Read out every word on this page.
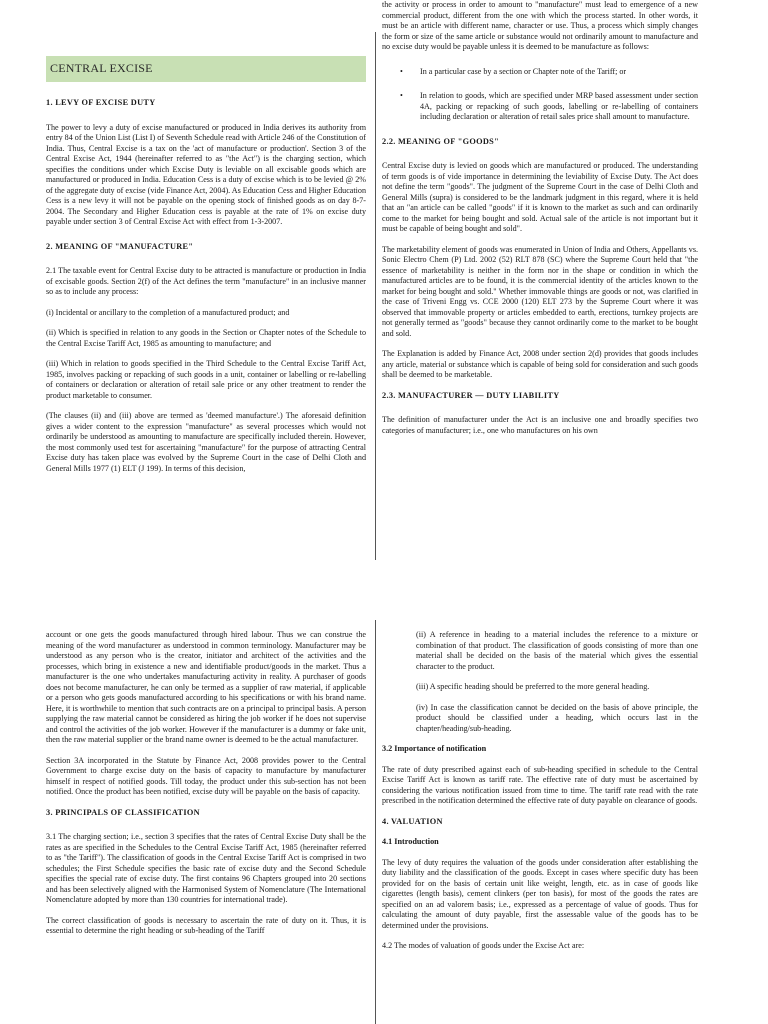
CENTRAL EXCISE
1. LEVY OF EXCISE DUTY

The power to levy a duty of excise manufactured or produced in India derives its authority from entry 84 of the Union List (List I) of Seventh Schedule read with Article 246 of the Constitution of India. Thus, Central Excise is a tax on the 'act of manufacture or production'. Section 3 of the Central Excise Act, 1944 (hereinafter referred to as "the Act") is the charging section, which specifies the conditions under which Excise Duty is leviable on all excisable goods which are manufactured or produced in India. Education Cess is a duty of excise which is to be levied @ 2% of the aggregate duty of excise (vide Finance Act, 2004). As Education Cess and Higher Education Cess is a new levy it will not be payable on the opening stock of finished goods as on day 8-7-2004. The Secondary and Higher Education cess is payable at the rate of 1% on excise duty payable under section 3 of Central Excise Act with effect from 1-3-2007.

2. MEANING OF "MANUFACTURE"

2.1 The taxable event for Central Excise duty to be attracted is manufacture or production in India of excisable goods. Section 2(f) of the Act defines the term "manufacture" in an inclusive manner so as to include any process:

(i) Incidental or ancillary to the completion of a manufactured product; and

(ii) Which is specified in relation to any goods in the Section or Chapter notes of the Schedule to the Central Excise Tariff Act, 1985 as amounting to manufacture; and

(iii) Which in relation to goods specified in the Third Schedule to the Central Excise Tariff Act, 1985, involves packing or repacking of such goods in a unit, container or labelling or re-labelling of containers or declaration or alteration of retail sale price or any other treatment to render the product marketable to consumer.

(The clauses (ii) and (iii) above are termed as 'deemed manufacture'.) The aforesaid definition gives a wider content to the expression "manufacture" as several processes which would not ordinarily be understood as amounting to manufacture are specifically included therein. However, the most commonly used test for ascertaining "manufacture" for the purpose of attracting Central Excise duty has taken place was evolved by the Supreme Court in the case of Delhi Cloth and General Mills 1977 (1) ELT (J 199). In terms of this decision,

the activity or process in order to amount to "manufacture" must lead to emergence of a new commercial product, different from the one with which the process started. In other words, it must be an article with different name, character or use. Thus, a process which simply changes the form or size of the same article or substance would not ordinarily amount to manufacture and no excise duty would be payable unless it is deemed to be manufacture as follows:

• In a particular case by a section or Chapter note of the Tariff; or
• In relation to goods, which are specified under MRP based assessment under section 4A, packing or repacking of such goods, labelling or re-labelling of containers including declaration or alteration of retail sales price shall amount to manufacture.
2.2. MEANING OF "GOODS"

Central Excise duty is levied on goods which are manufactured or produced. The understanding of term goods is of vide importance in determining the leviability of Excise Duty. The Act does not define the term "goods". The judgment of the Supreme Court in the case of Delhi Cloth and General Mills (supra) is considered to be the landmark judgment in this regard, where it is held that an "an article can be called "goods" if it is known to the market as such and can ordinarily come to the market for being bought and sold. Actual sale of the article is not important but it must be capable of being bought and sold".

The marketability element of goods was enumerated in Union of India and Others, Appellants vs. Sonic Electro Chem (P) Ltd. 2002 (52) RLT 878 (SC) where the Supreme Court held that "the essence of marketability is neither in the form nor in the shape or condition in which the manufactured articles are to be found, it is the commercial identity of the articles known to the market for being bought and sold." Whether immovable things are goods or not, was clarified in the case of Triveni Engg vs. CCE 2000 (120) ELT 273 by the Supreme Court where it was observed that immovable property or articles embedded to earth, erections, turnkey projects are not generally termed as "goods" because they cannot ordinarily come to the market to be bought and sold.

The Explanation is added by Finance Act, 2008 under section 2(d) provides that goods includes any article, material or substance which is capable of being sold for consideration and such goods shall be deemed to be marketable.

2.3. MANUFACTURER — DUTY LIABILITY

The definition of manufacturer under the Act is an inclusive one and broadly specifies two categories of manufacturer; i.e., one who manufactures on his own

account or one gets the goods manufactured through hired labour. Thus we can construe the meaning of the word manufacturer as understood in common terminology. Manufacturer may be understood as any person who is the creator, initiator and architect of the activities and the processes, which bring in existence a new and identifiable product/goods in the market. Thus a manufacturer is the one who undertakes manufacturing activity in reality. A purchaser of goods does not become manufacturer, he can only be termed as a supplier of raw material, if applicable or a person who gets goods manufactured according to his specifications or with his brand name. Here, it is worthwhile to mention that such contracts are on a principal to principal basis. A person supplying the raw material cannot be considered as hiring the job worker if he does not supervise and control the activities of the job worker. However if the manufacturer is a dummy or fake unit, then the raw material supplier or the brand name owner is deemed to be the actual manufacturer.

Section 3A incorporated in the Statute by Finance Act, 2008 provides power to the Central Government to charge excise duty on the basis of capacity to manufacture by manufacturer himself in respect of notified goods. Till today, the product under this sub-section has not been notified. Once the product has been notified, excise duty will be payable on the basis of capacity.

3. PRINCIPALS OF CLASSIFICATION

3.1 The charging section; i.e., section 3 specifies that the rates of Central Excise Duty shall be the rates as are specified in the Schedules to the Central Excise Tariff Act, 1985 (hereinafter referred to as "the Tariff"). The classification of goods in the Central Excise Tariff Act is comprised in two schedules; the First Schedule specifies the basic rate of excise duty and the Second Schedule specifies the special rate of excise duty. The first contains 96 Chapters grouped into 20 sections and has been selectively aligned with the Harmonised System of Nomenclature (The International Nomenclature adopted by more than 130 countries for international trade).

The correct classification of goods is necessary to ascertain the rate of duty on it. Thus, it is essential to determine the right heading or sub-heading of the Tariff

(ii) A reference in heading to a material includes the reference to a mixture or combination of that product. The classification of goods consisting of more than one material shall be decided on the basis of the material which gives the essential character to the product.

(iii) A specific heading should be preferred to the more general heading.

(iv) In case the classification cannot be decided on the basis of above principle, the product should be classified under a heading, which occurs last in the chapter/heading/sub-heading.

3.2 Importance of notification

The rate of duty prescribed against each of sub-heading specified in schedule to the Central Excise Tariff Act is known as tariff rate. The effective rate of duty must be ascertained by considering the various notification issued from time to time. The tariff rate read with the rate prescribed in the notification determined the effective rate of duty payable on clearance of goods.

4. VALUATION
4.1 Introduction

The levy of duty requires the valuation of the goods under consideration after establishing the duty liability and the classification of the goods. Except in cases where specific duty has been provided for on the basis of certain unit like weight, length, etc. as in case of goods like cigarettes (length basis), cement clinkers (per ton basis), for most of the goods the rates are specified on an ad valorem basis; i.e., expressed as a percentage of value of goods. Thus for calculating the amount of duty payable, first the assessable value of the goods has to be determined under the provisions.

4.2 The modes of valuation of goods under the Excise Act are:
